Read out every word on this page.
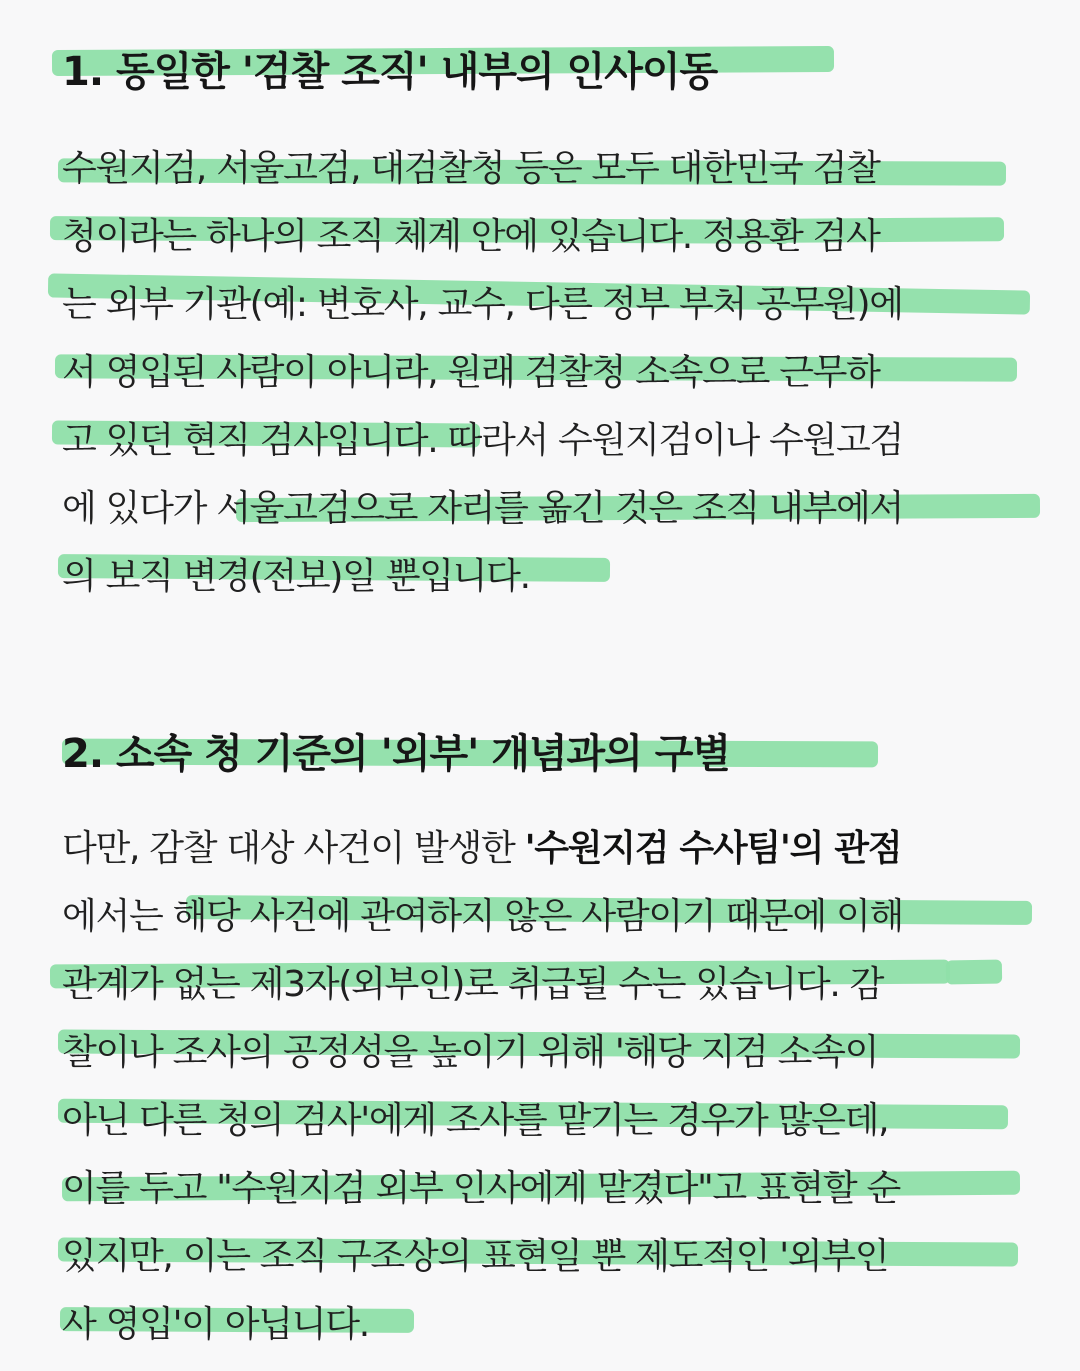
1. 동일한 '검찰 조직' 내부의 인사이동

수원지검, 서울고검, 대검찰청 등은 모두 대한민국 검찰

청이라는 하나의 조직 체계 안에 있습니다. 정용환 검사

는 외부 기관(예: 변호사, 교수, 다른 정부 부처 공무원)에

서 영입된 사람이 아니라, 원래 검찰청 소속으로 근무하

고 있던 현직 검사입니다. 따라서 수원지검이나 수원고검

에 있다가 서울고검으로 자리를 옮긴 것은 조직 내부에서

의 보직 변경(전보)일 뿐입니다.

2. 소속 청 기준의 '외부' 개념과의 구별

다만, 감찰 대상 사건이 발생한 '수원지검 수사팀'의 관점

에서는 해당 사건에 관여하지 않은 사람이기 때문에 이해

관계가 없는 제3자(외부인)로 취급될 수는 있습니다. 감

찰이나 조사의 공정성을 높이기 위해 '해당 지검 소속이

아닌 다른 청의 검사'에게 조사를 맡기는 경우가 많은데,

이를 두고 "수원지검 외부 인사에게 맡겼다"고 표현할 순

있지만, 이는 조직 구조상의 표현일 뿐 제도적인 '외부인

사 영입'이 아닙니다.
